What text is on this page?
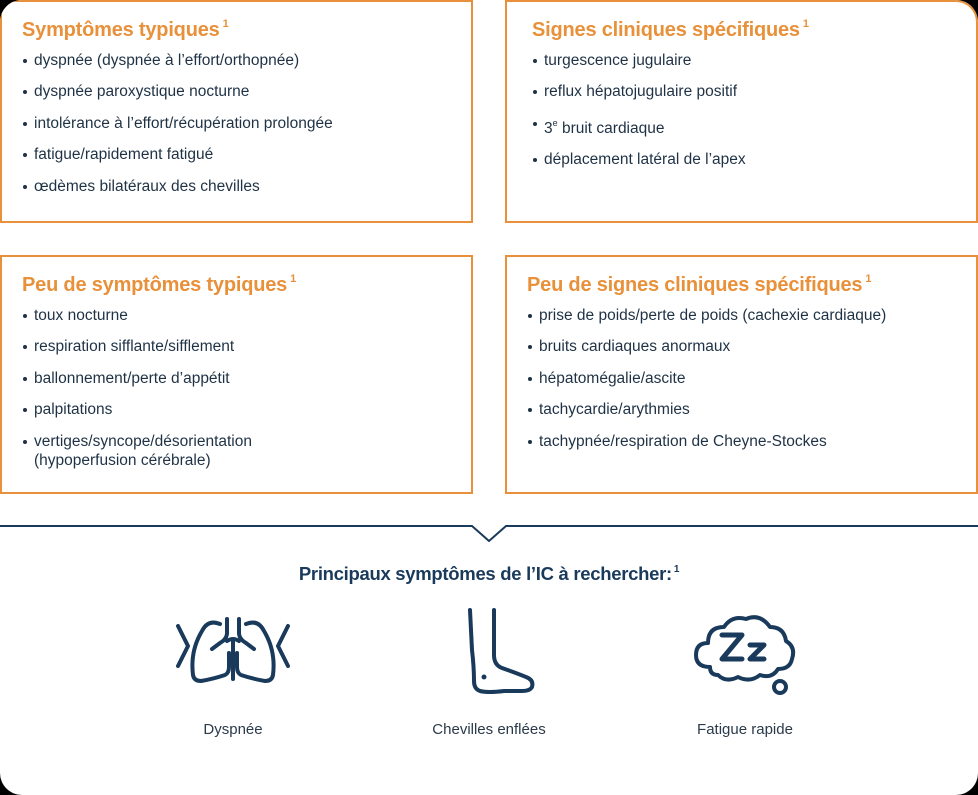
Symptômes typiques $^1$
dyspnée (dyspnée à l’effort/orthopnée)
dyspnée paroxystique nocturne
intolérance à l’effort/récupération prolongée
fatigue/rapidement fatigué
œdèmes bilatéraux des chevilles
Signes cliniques spécifiques $^1$
turgescence jugulaire
reflux hépatojugulaire positif
3e bruit cardiaque
déplacement latéral de l’apex
Peu de symptômes typiques $^1$
toux nocturne
respiration sifflante/sifflement
ballonnement/perte d’appétit
palpitations
vertiges/syncope/désorientation
(hypoperfusion cérébrale)
Peu de signes cliniques spécifiques $^1$
prise de poids/perte de poids (cachexie cardiaque)
bruits cardiaques anormaux
hépatomégalie/ascite
tachycardie/arythmies
tachypnée/respiration de Cheyne-Stockes
Principaux symptômes de l’IC à rechercher: $^1$
Dyspnée	Chevilles enflées	Fatigue rapide
